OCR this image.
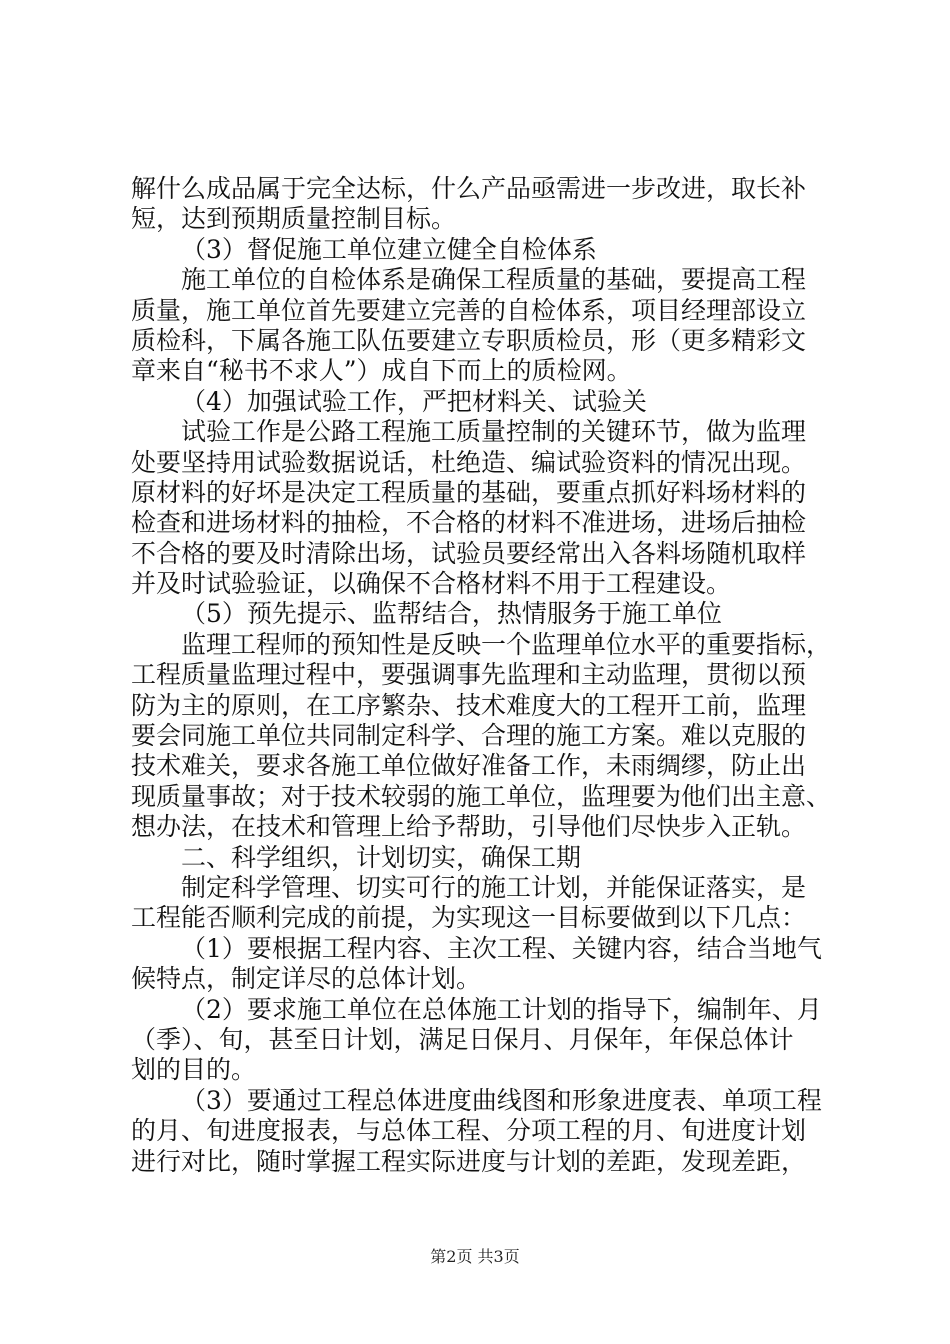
解什么成品属于完全达标，什么产品亟需进一步改进，取长补
短，达到预期质量控制目标。
（3）督促施工单位建立健全自检体系
施工单位的自检体系是确保工程质量的基础，要提高工程
质量，施工单位首先要建立完善的自检体系，项目经理部设立
质检科，下属各施工队伍要建立专职质检员，形（更多精彩文
章来自“秘书不求人”）成自下而上的质检网。
（4）加强试验工作，严把材料关、试验关
试验工作是公路工程施工质量控制的关键环节，做为监理
处要坚持用试验数据说话，杜绝造、编试验资料的情况出现。
原材料的好坏是决定工程质量的基础，要重点抓好料场材料的
检查和进场材料的抽检，不合格的材料不准进场，进场后抽检
不合格的要及时清除出场，试验员要经常出入各料场随机取样
并及时试验验证，以确保不合格材料不用于工程建设。
（5）预先提示、监帮结合，热情服务于施工单位
监理工程师的预知性是反映一个监理单位水平的重要指标，
工程质量监理过程中，要强调事先监理和主动监理，贯彻以预
防为主的原则，在工序繁杂、技术难度大的工程开工前，监理
要会同施工单位共同制定科学、合理的施工方案。难以克服的
技术难关，要求各施工单位做好准备工作，未雨绸缪，防止出
现质量事故；对于技术较弱的施工单位，监理要为他们出主意、
想办法，在技术和管理上给予帮助，引导他们尽快步入正轨。
二、科学组织，计划切实，确保工期
制定科学管理、切实可行的施工计划，并能保证落实，是
工程能否顺利完成的前提，为实现这一目标要做到以下几点：
（1）要根据工程内容、主次工程、关键内容，结合当地气
候特点，制定详尽的总体计划。
（2）要求施工单位在总体施工计划的指导下，编制年、月
（季）、旬，甚至日计划，满足日保月、月保年，年保总体计
划的目的。
（3）要通过工程总体进度曲线图和形象进度表、单项工程
的月、旬进度报表，与总体工程、分项工程的月、旬进度计划
进行对比，随时掌握工程实际进度与计划的差距，发现差距，
第2页 共3页
